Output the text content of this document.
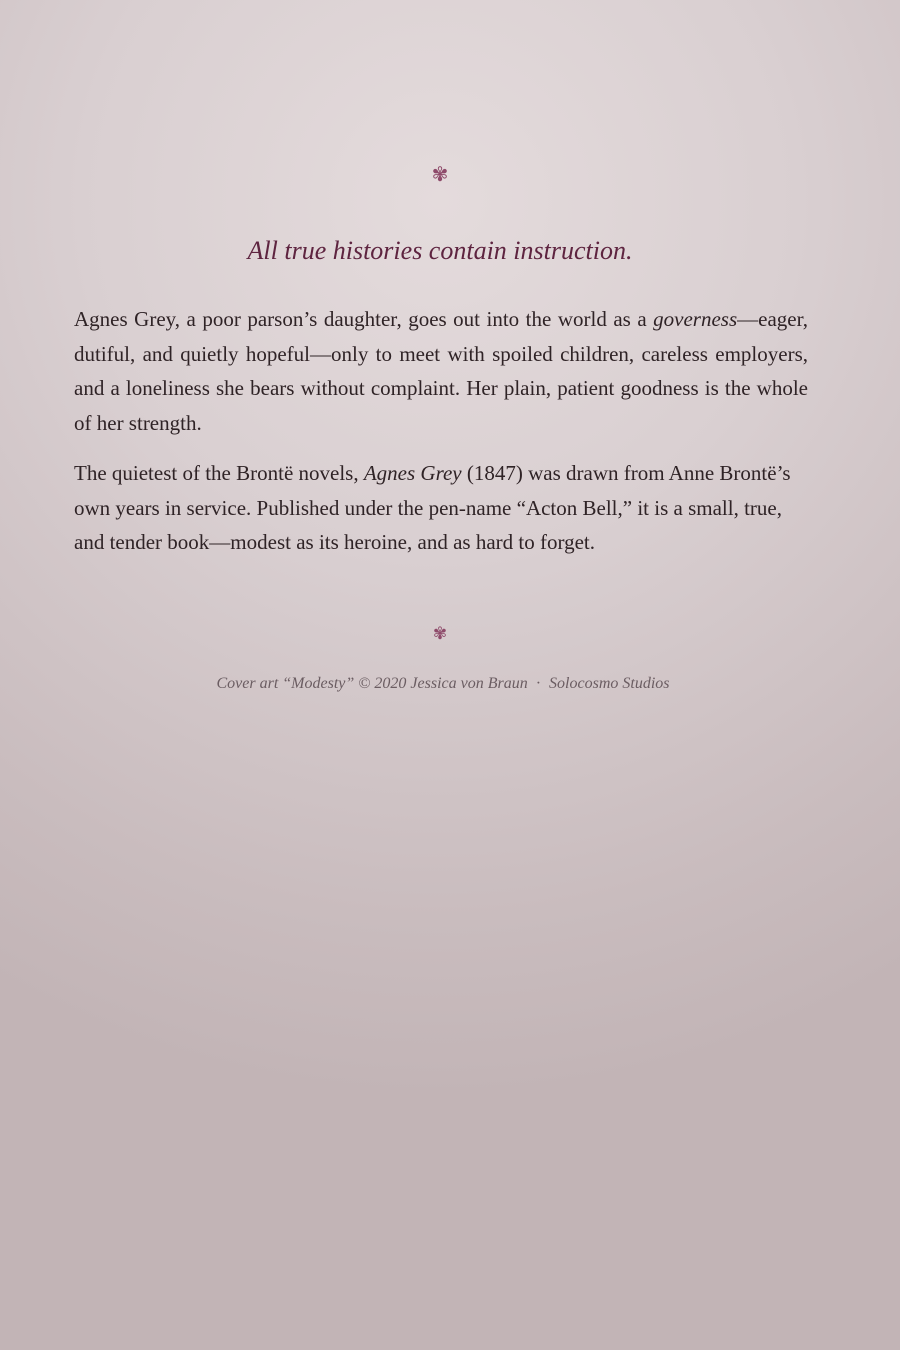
✾
All true histories contain instruction.

Agnes Grey, a poor parson’s daughter, goes out into the world as a governess—eager, dutiful, and quietly hopeful—only to meet with spoiled children, careless employers, and a loneliness she bears without complaint. Her plain, patient goodness is the whole of her strength.

The quietest of the Brontë novels, Agnes Grey (1847) was drawn from Anne Brontë’s own years in service. Published under the pen-name “Acton Bell,” it is a small, true, and tender book—modest as its heroine, and as hard to forget.

✾
Cover art “Modesty” © 2020 Jessica von Braun · Solocosmo Studios
